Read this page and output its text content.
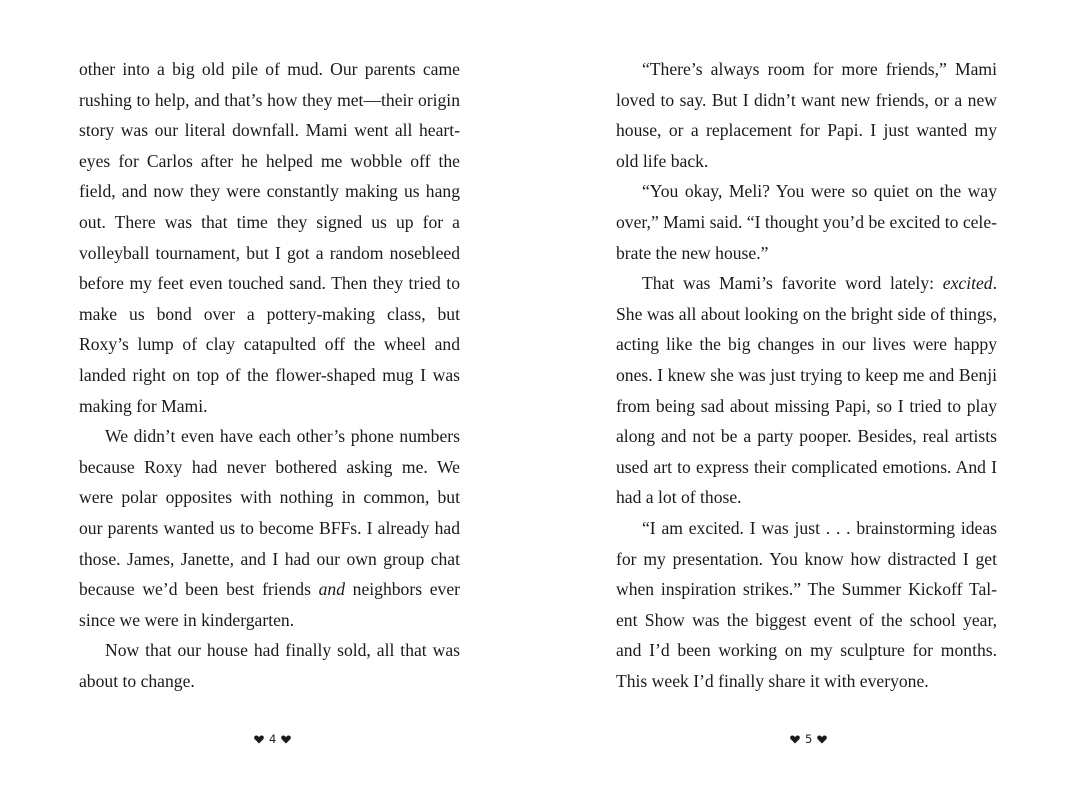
other into a big old pile of mud. Our parents came rushing to help, and that’s how they met—their origin story was our literal downfall. Mami went all heart-eyes for Carlos after he helped me wobble off the field, and now they were constantly making us hang out. There was that time they signed us up for a volleyball tournament, but I got a random nosebleed before my feet even touched sand. Then they tried to make us bond over a pottery-making class, but Roxy’s lump of clay catapulted off the wheel and landed right on top of the flower-shaped mug I was making for Mami.

We didn’t even have each other’s phone numbers because Roxy had never bothered asking me. We were polar opposites with nothing in common, but our parents wanted us to become BFFs. I already had those. James, Janette, and I had our own group chat because we’d been best friends and neighbors ever since we were in kindergarten.

Now that our house had finally sold, all that was about to change.

“There’s always room for more friends,” Mami loved to say. But I didn’t want new friends, or a new house, or a replacement for Papi. I just wanted my old life back.

“You okay, Meli? You were so quiet on the way over,” Mami said. “I thought you’d be excited to celebrate the new house.”

That was Mami’s favorite word lately: excited. She was all about looking on the bright side of things, acting like the big changes in our lives were happy ones. I knew she was just trying to keep me and Benji from being sad about missing Papi, so I tried to play along and not be a party pooper. Besides, real artists used art to express their complicated emotions. And I had a lot of those.

“I am excited. I was just . . . brainstorming ideas for my presentation. You know how distracted I get when inspiration strikes.” The Summer Kickoff Talent Show was the biggest event of the school year, and I’d been working on my sculpture for months. This week I’d finally share it with everyone.

4	5
